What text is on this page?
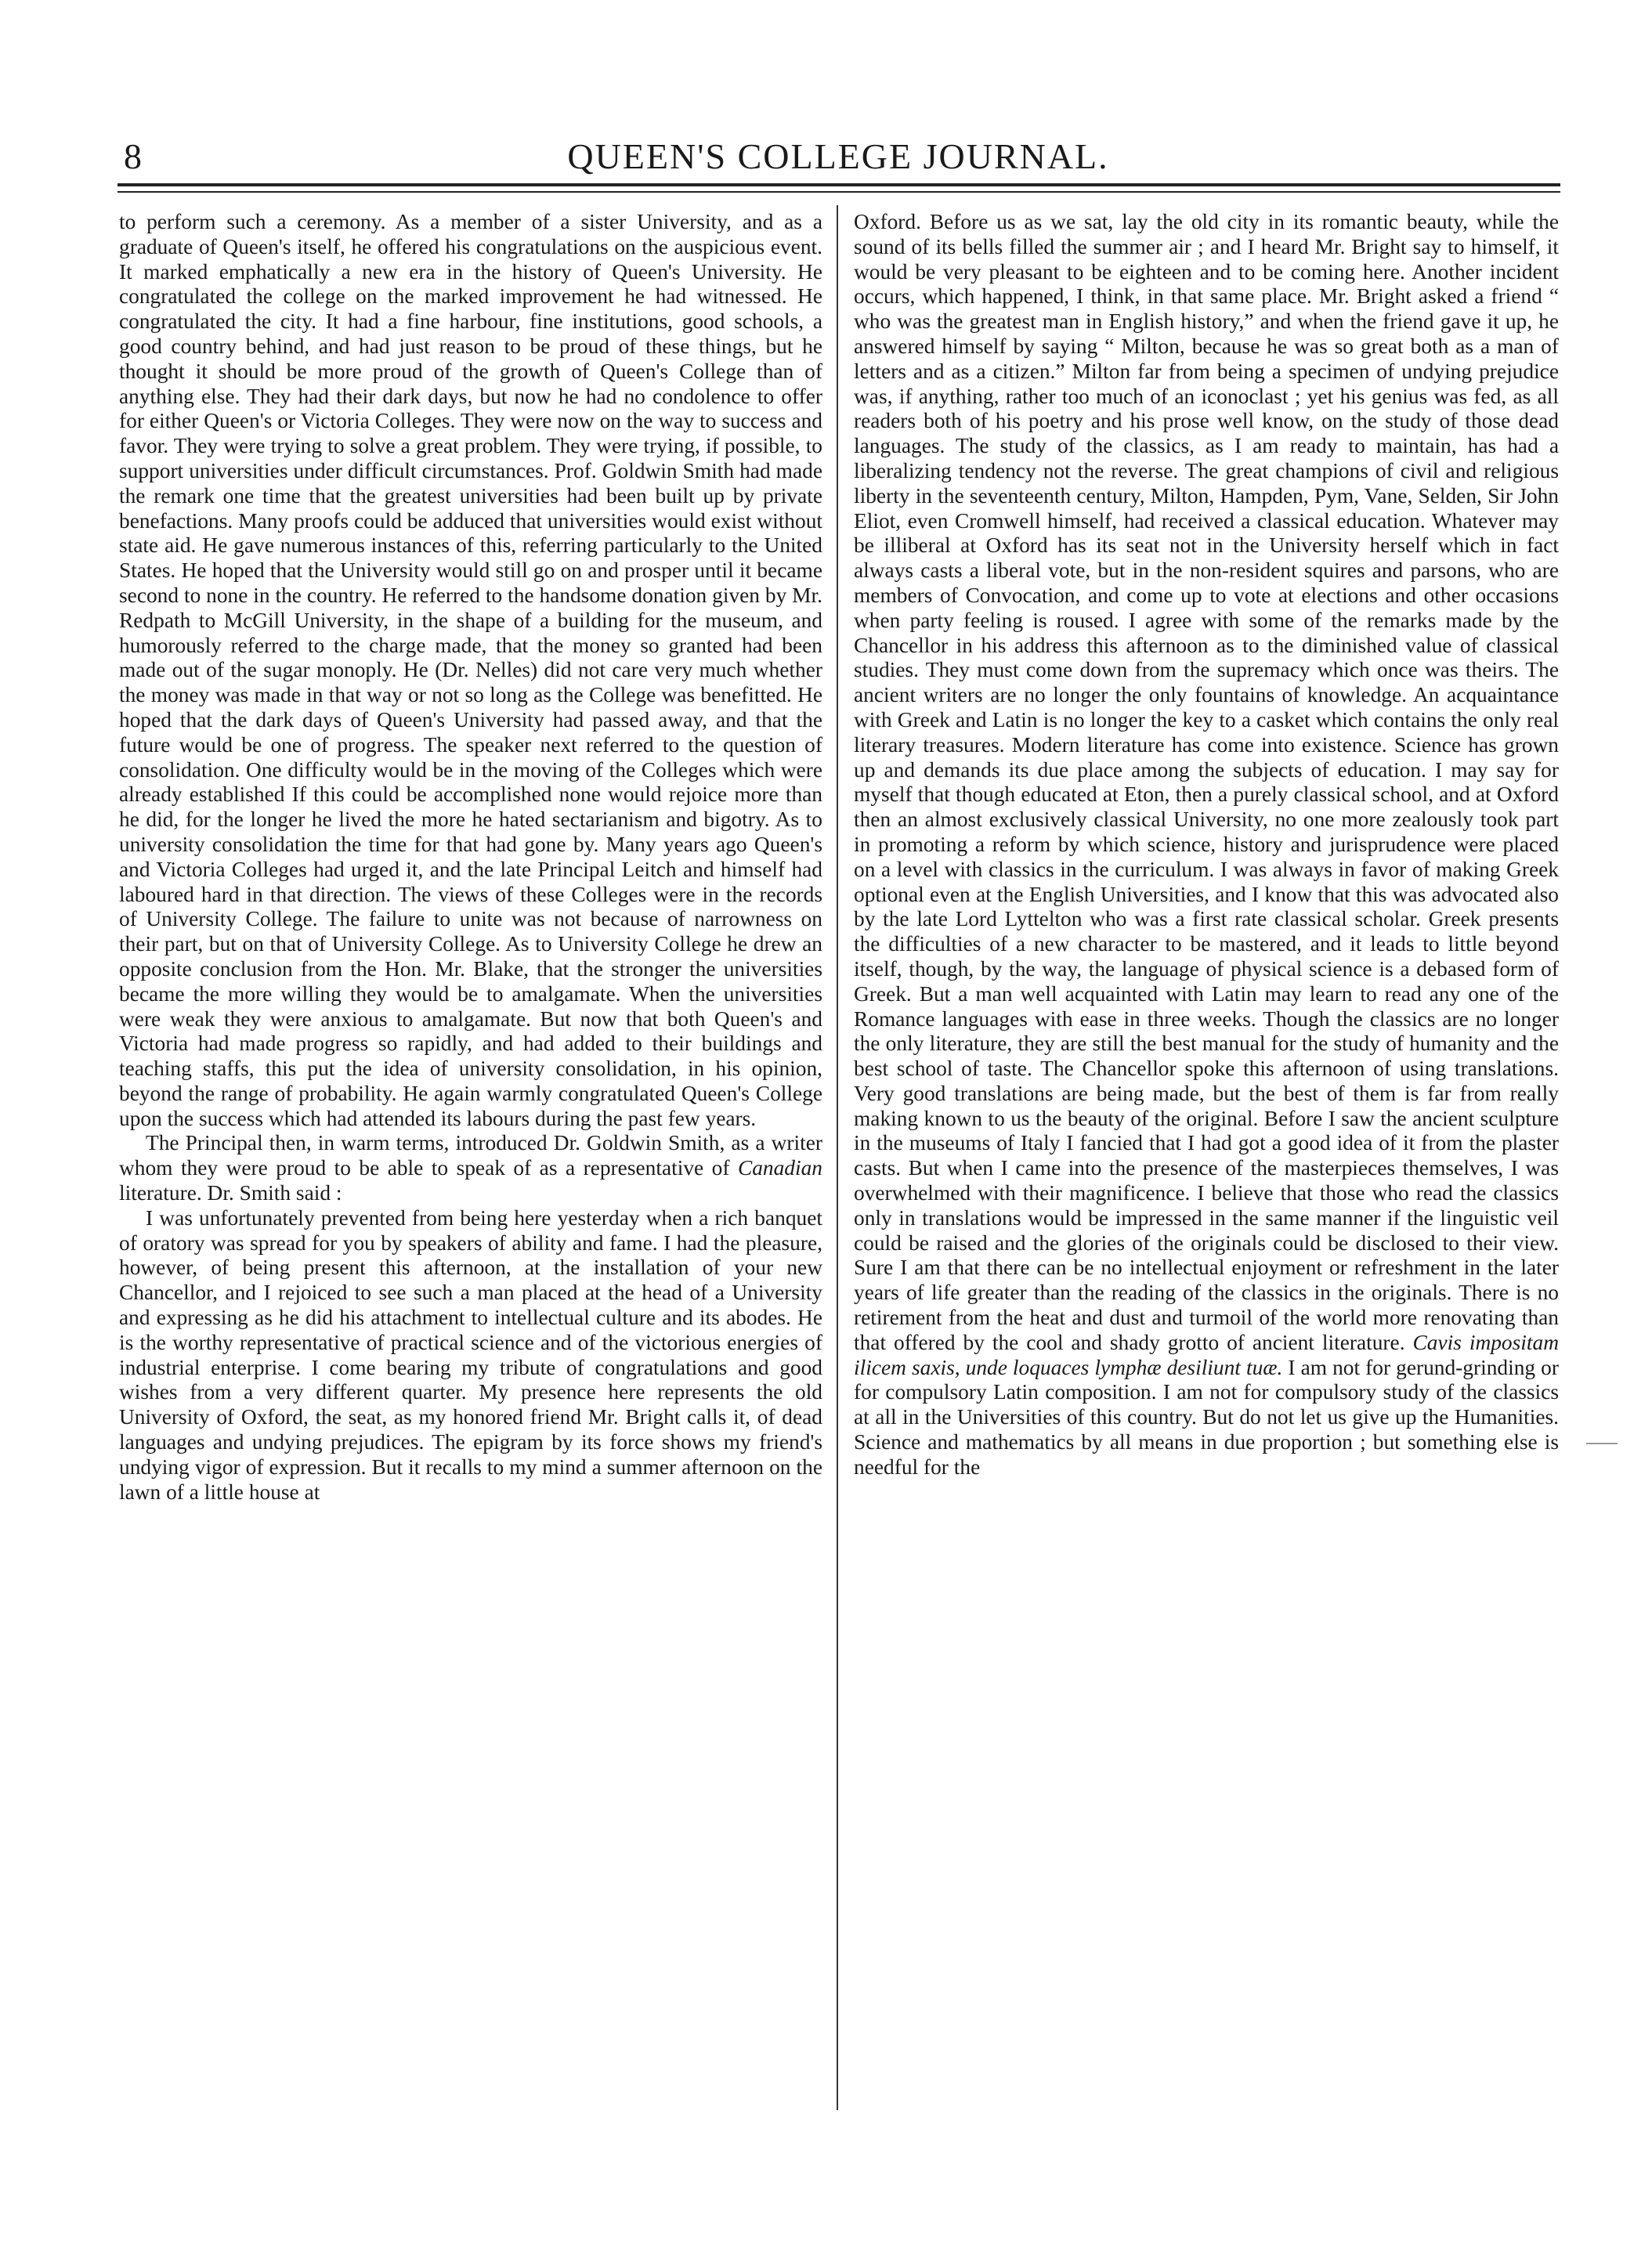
8	QUEEN'S COLLEGE JOURNAL.

to perform such a ceremony. As a member of a sister University, and as a graduate of Queen's itself, he offered his congratulations on the auspicious event. It marked emphatically a new era in the history of Queen's University. He congratulated the college on the marked improvement he had witnessed. He congratulated the city. It had a fine harbour, fine institutions, good schools, a good country behind, and had just reason to be proud of these things, but he thought it should be more proud of the growth of Queen's College than of anything else. They had their dark days, but now he had no condolence to offer for either Queen's or Victoria Colleges. They were now on the way to success and favor. They were trying to solve a great problem. They were trying, if possible, to support universities under difficult circumstances. Prof. Goldwin Smith had made the remark one time that the greatest universities had been built up by private benefactions. Many proofs could be adduced that universities would exist without state aid. He gave numerous instances of this, referring particularly to the United States. He hoped that the University would still go on and prosper until it became second to none in the country. He referred to the handsome donation given by Mr. Redpath to McGill University, in the shape of a building for the museum, and humorously referred to the charge made, that the money so granted had been made out of the sugar monoply. He (Dr. Nelles) did not care very much whether the money was made in that way or not so long as the College was benefitted. He hoped that the dark days of Queen's University had passed away, and that the future would be one of progress. The speaker next referred to the question of consolidation. One difficulty would be in the moving of the Colleges which were already established If this could be accomplished none would rejoice more than he did, for the longer he lived the more he hated sectarianism and bigotry. As to university consolidation the time for that had gone by. Many years ago Queen's and Victoria Colleges had urged it, and the late Principal Leitch and himself had laboured hard in that direction. The views of these Colleges were in the records of University College. The failure to unite was not because of narrowness on their part, but on that of University College. As to University College he drew an opposite conclusion from the Hon. Mr. Blake, that the stronger the universities became the more willing they would be to amalgamate. When the universities were weak they were anxious to amalgamate. But now that both Queen's and Victoria had made progress so rapidly, and had added to their buildings and teaching staffs, this put the idea of university consolidation, in his opinion, beyond the range of probability. He again warmly congratulated Queen's College upon the success which had attended its labours during the past few years.

The Principal then, in warm terms, introduced Dr. Goldwin Smith, as a writer whom they were proud to be able to speak of as a representative of Canadian literature. Dr. Smith said :

I was unfortunately prevented from being here yesterday when a rich banquet of oratory was spread for you by speakers of ability and fame. I had the pleasure, however, of being present this afternoon, at the installation of your new Chancellor, and I rejoiced to see such a man placed at the head of a University and expressing as he did his attachment to intellectual culture and its abodes. He is the worthy representative of practical science and of the victorious energies of industrial enterprise. I come bearing my tribute of congratulations and good wishes from a very different quarter. My presence here represents the old University of Oxford, the seat, as my honored friend Mr. Bright calls it, of dead languages and undying prejudices. The epigram by its force shows my friend's undying vigor of expression. But it recalls to my mind a summer afternoon on the lawn of a little house at

Oxford. Before us as we sat, lay the old city in its romantic beauty, while the sound of its bells filled the summer air ; and I heard Mr. Bright say to himself, it would be very pleasant to be eighteen and to be coming here. Another incident occurs, which happened, I think, in that same place. Mr. Bright asked a friend “ who was the greatest man in English history,” and when the friend gave it up, he answered himself by saying “ Milton, because he was so great both as a man of letters and as a citizen.” Milton far from being a specimen of undying prejudice was, if anything, rather too much of an iconoclast ; yet his genius was fed, as all readers both of his poetry and his prose well know, on the study of those dead languages. The study of the classics, as I am ready to maintain, has had a liberalizing tendency not the reverse. The great champions of civil and religious liberty in the seventeenth century, Milton, Hampden, Pym, Vane, Selden, Sir John Eliot, even Cromwell himself, had received a classical education. Whatever may be illiberal at Oxford has its seat not in the University herself which in fact always casts a liberal vote, but in the non-resident squires and parsons, who are members of Convocation, and come up to vote at elections and other occasions when party feeling is roused. I agree with some of the remarks made by the Chancellor in his address this afternoon as to the diminished value of classical studies. They must come down from the supremacy which once was theirs. The ancient writers are no longer the only fountains of knowledge. An acquaintance with Greek and Latin is no longer the key to a casket which contains the only real literary treasures. Modern literature has come into existence. Science has grown up and demands its due place among the subjects of education. I may say for myself that though educated at Eton, then a purely classical school, and at Oxford then an almost exclusively classical University, no one more zealously took part in promoting a reform by which science, history and jurisprudence were placed on a level with classics in the curriculum. I was always in favor of making Greek optional even at the English Universities, and I know that this was advocated also by the late Lord Lyttelton who was a first rate classical scholar. Greek presents the difficulties of a new character to be mastered, and it leads to little beyond itself, though, by the way, the language of physical science is a debased form of Greek. But a man well acquainted with Latin may learn to read any one of the Romance languages with ease in three weeks. Though the classics are no longer the only literature, they are still the best manual for the study of humanity and the best school of taste. The Chancellor spoke this afternoon of using translations. Very good translations are being made, but the best of them is far from really making known to us the beauty of the original. Before I saw the ancient sculpture in the museums of Italy I fancied that I had got a good idea of it from the plaster casts. But when I came into the presence of the masterpieces themselves, I was overwhelmed with their magnificence. I believe that those who read the classics only in translations would be impressed in the same manner if the linguistic veil could be raised and the glories of the originals could be disclosed to their view. Sure I am that there can be no intellectual enjoyment or refreshment in the later years of life greater than the reading of the classics in the originals. There is no retirement from the heat and dust and turmoil of the world more renovating than that offered by the cool and shady grotto of ancient literature. Cavis impositam ilicem saxis, unde loquaces lymphæ desiliunt tuæ. I am not for gerund-grinding or for compulsory Latin composition. I am not for compulsory study of the classics at all in the Universities of this country. But do not let us give up the Humanities. Science and mathematics by all means in due proportion ; but something else is needful for the
